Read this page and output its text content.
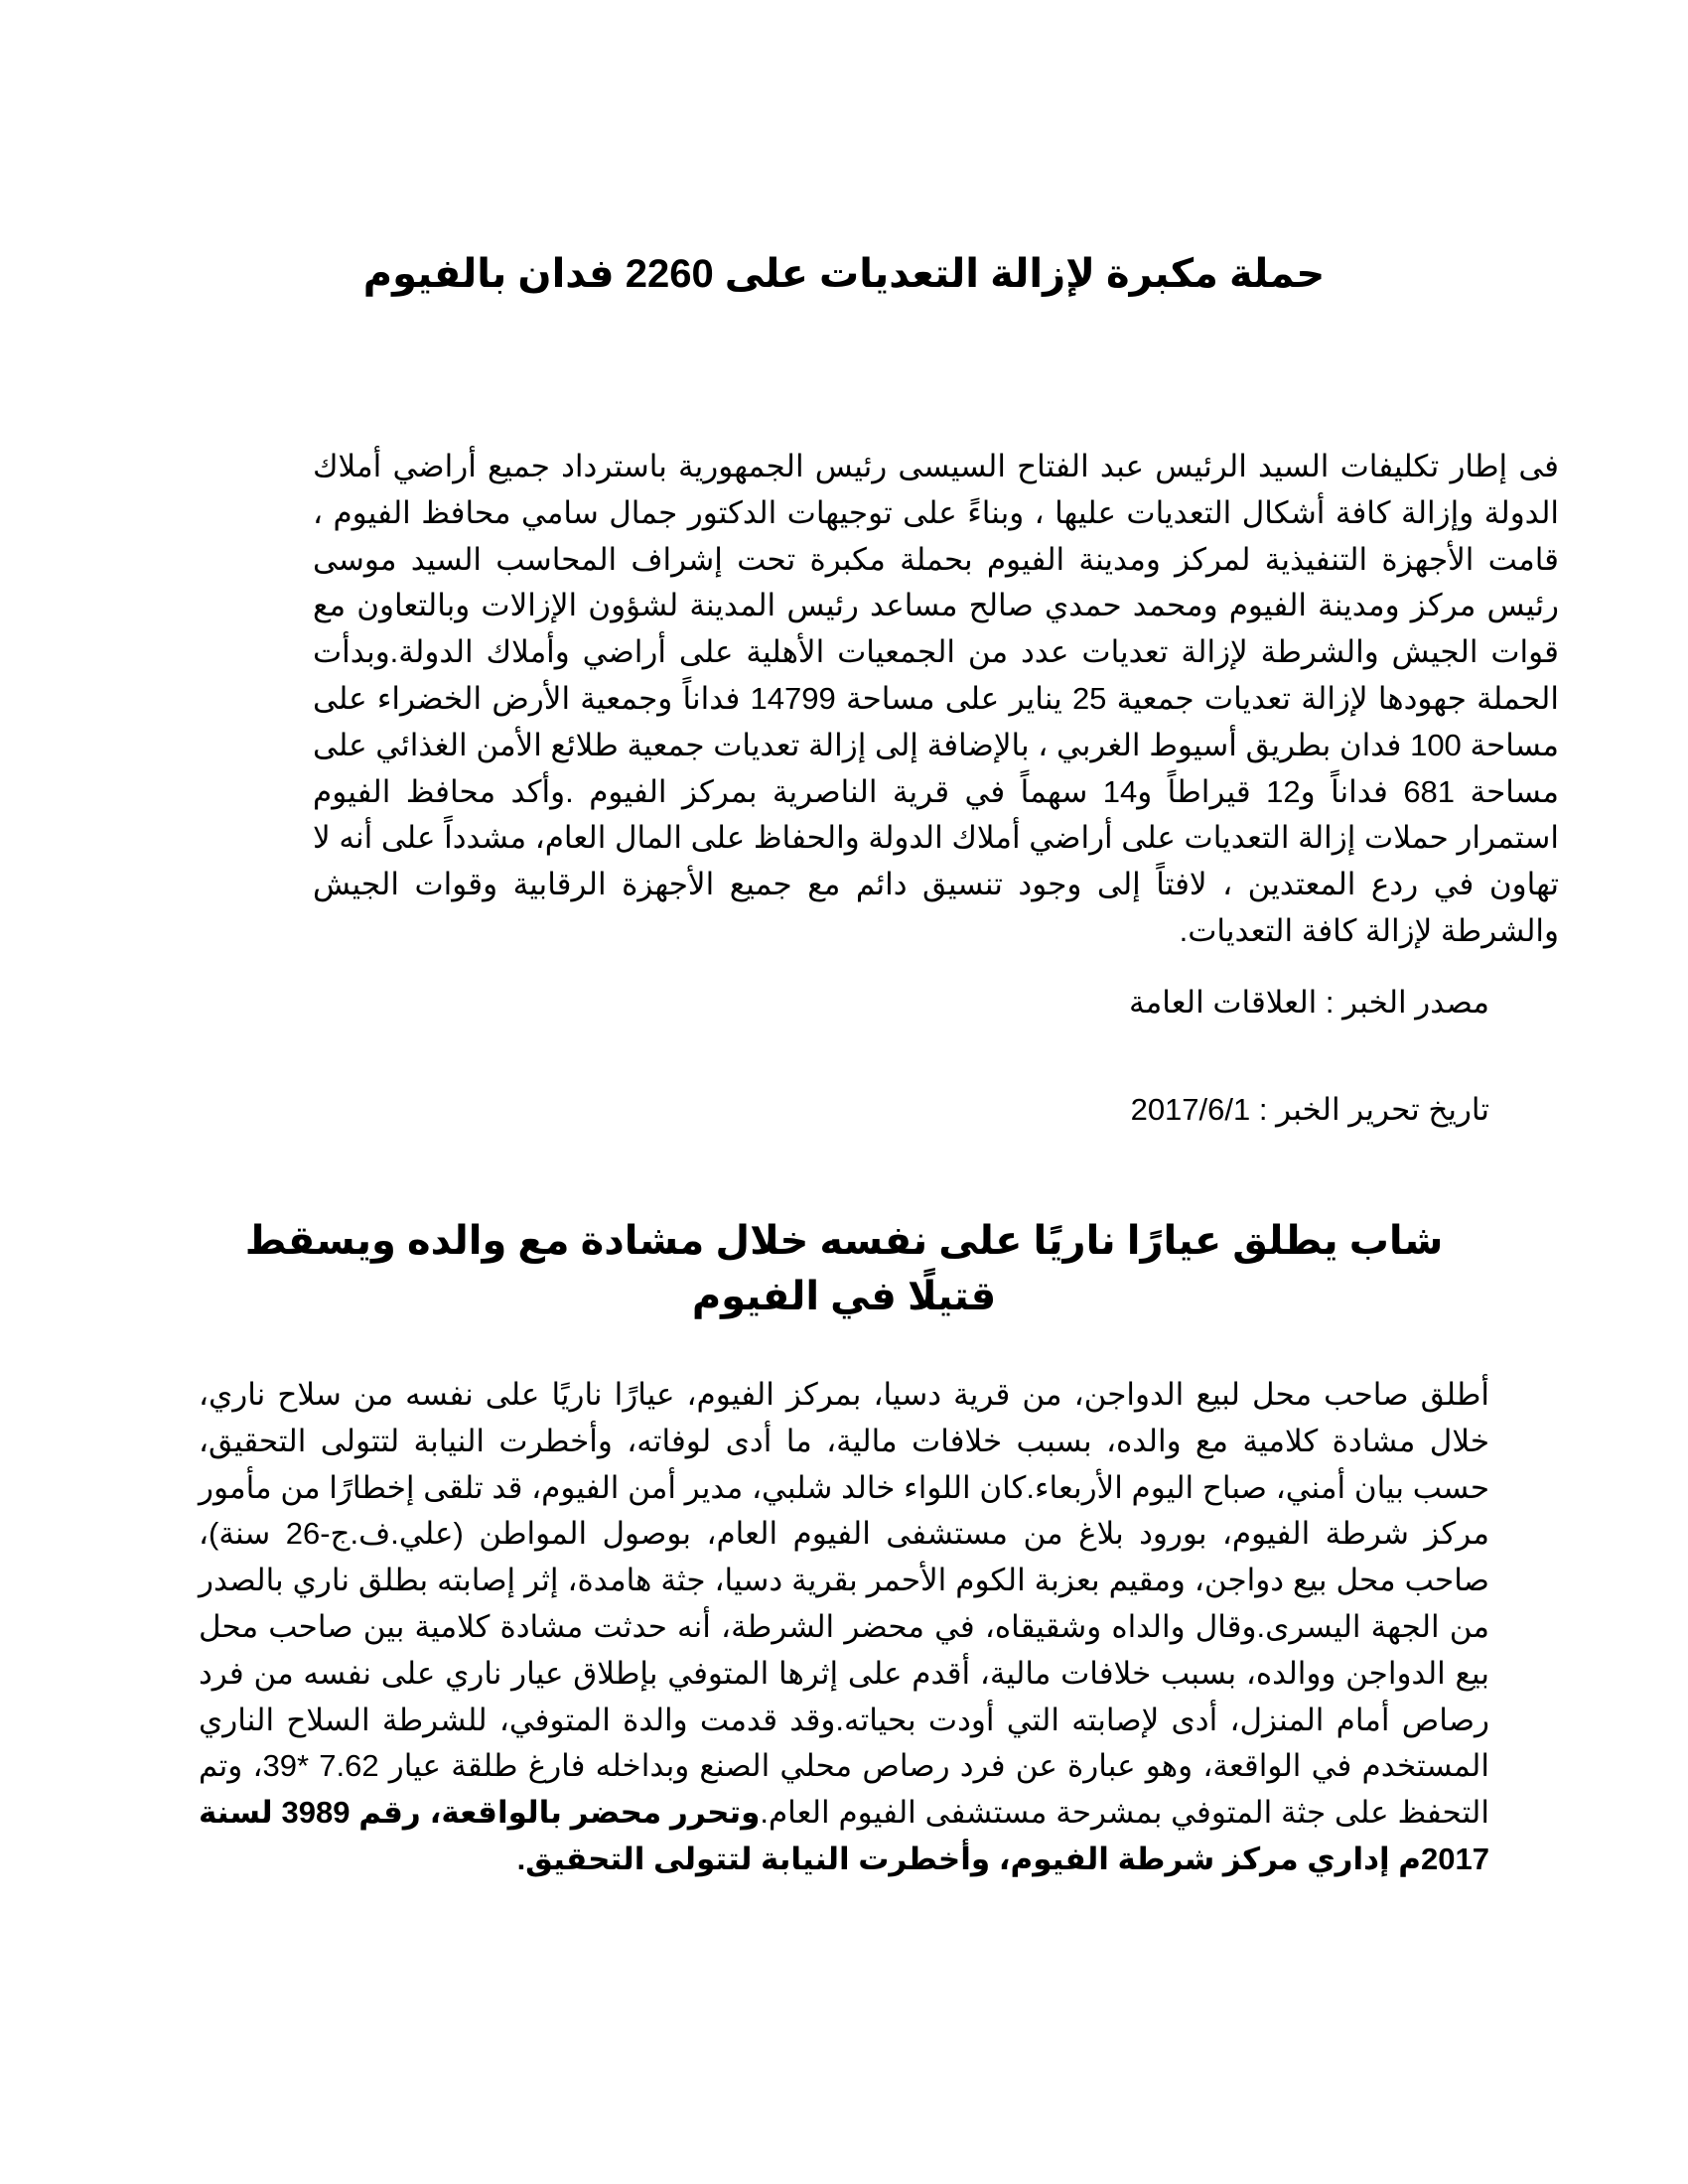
حملة مكبرة لإزالة التعديات على 2260 فدان بالفيوم

فى إطار تكليفات السيد الرئيس عبد الفتاح السيسى رئيس الجمهورية باسترداد جميع أراضي أملاك الدولة وإزالة كافة أشكال التعديات عليها ، وبناءً على توجيهات الدكتور جمال سامي محافظ الفيوم ، قامت الأجهزة التنفيذية لمركز ومدينة الفيوم بحملة مكبرة تحت إشراف المحاسب السيد موسى رئيس مركز ومدينة الفيوم ومحمد حمدي صالح مساعد رئيس المدينة لشؤون الإزالات وبالتعاون مع قوات الجيش والشرطة لإزالة تعديات عدد من الجمعيات الأهلية على أراضي وأملاك الدولة.وبدأت الحملة جهودها لإزالة تعديات جمعية 25 يناير على مساحة 14799 فداناً وجمعية الأرض الخضراء على مساحة 100 فدان بطريق أسيوط الغربي ، بالإضافة إلى إزالة تعديات جمعية طلائع الأمن الغذائي على مساحة 681 فداناً و12 قيراطاً و14 سهماً في قرية الناصرية بمركز الفيوم .وأكد محافظ الفيوم استمرار حملات إزالة التعديات على أراضي أملاك الدولة والحفاظ على المال العام، مشدداً على أنه لا تهاون في ردع المعتدين ، لافتاً إلى وجود تنسيق دائم مع جميع الأجهزة الرقابية وقوات الجيش والشرطة لإزالة كافة التعديات.

مصدر الخبر : العلاقات العامة

تاريخ تحرير الخبر : 2017/6/1

شاب يطلق عيارًا ناريًا على نفسه خلال مشادة مع والده ويسقط قتيلًا في الفيوم

أطلق صاحب محل لبيع الدواجن، من قرية دسيا، بمركز الفيوم، عيارًا ناريًا على نفسه من سلاح ناري، خلال مشادة كلامية مع والده، بسبب خلافات مالية، ما أدى لوفاته، وأخطرت النيابة لتتولى التحقيق، حسب بيان أمني، صباح اليوم الأربعاء.كان اللواء خالد شلبي، مدير أمن الفيوم، قد تلقى إخطارًا من مأمور مركز شرطة الفيوم، بورود بلاغ من مستشفى الفيوم العام، بوصول المواطن (علي.ف.ج-26 سنة)، صاحب محل بيع دواجن، ومقيم بعزبة الكوم الأحمر بقرية دسيا، جثة هامدة، إثر إصابته بطلق ناري بالصدر من الجهة اليسرى.وقال والداه وشقيقاه، في محضر الشرطة، أنه حدثت مشادة كلامية بين صاحب محل بيع الدواجن ووالده، بسبب خلافات مالية، أقدم على إثرها المتوفي بإطلاق عيار ناري على نفسه من فرد رصاص أمام المنزل، أدى لإصابته التي أودت بحياته.وقد قدمت والدة المتوفي، للشرطة السلاح الناري المستخدم في الواقعة، وهو عبارة عن فرد رصاص محلي الصنع وبداخله فارغ طلقة عيار 7.62 *39، وتم التحفظ على جثة المتوفي بمشرحة مستشفى الفيوم العام.وتحرر محضر بالواقعة، رقم 3989 لسنة 2017م إداري مركز شرطة الفيوم، وأخطرت النيابة لتتولى التحقيق.
